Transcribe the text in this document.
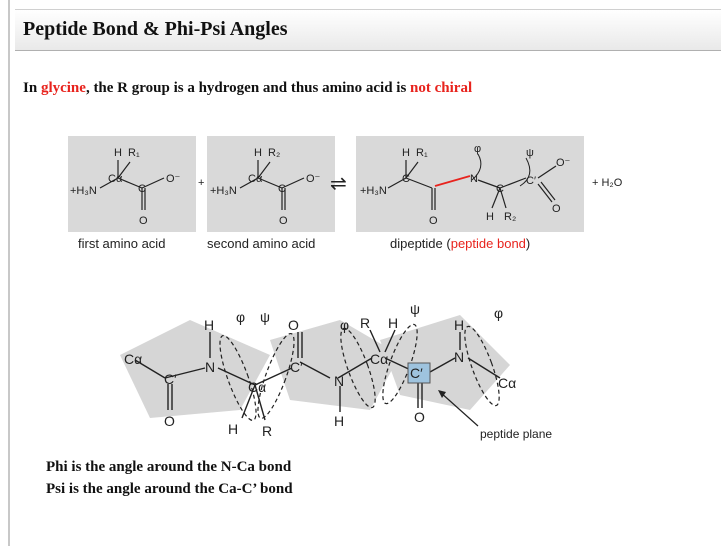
Peptide Bond & Phi-Psi Angles
In glycine, the R group is a hydrogen and thus amino acid is not chiral
+H₃N
H R₁
Cα
C
O⁻
O
+
+H₃N
H R₂
Cα
C
O⁻
O
⇌ +H₃N
H R₁
C
O
N
φ	ψ
C
C′
H R₂
O⁻
O
+ H₂O
first amino acid	second amino acid	dipeptide (peptide bond)
Cα
C′
O
N
H φ ψ
Cα
H R
O
C′
N
H
φ R H
ψ
Cα
C′
O
N
H
φ
Cα
peptide plane
Phi is the angle around the N-Ca bond
Psi is the angle around the Ca-C’ bond
